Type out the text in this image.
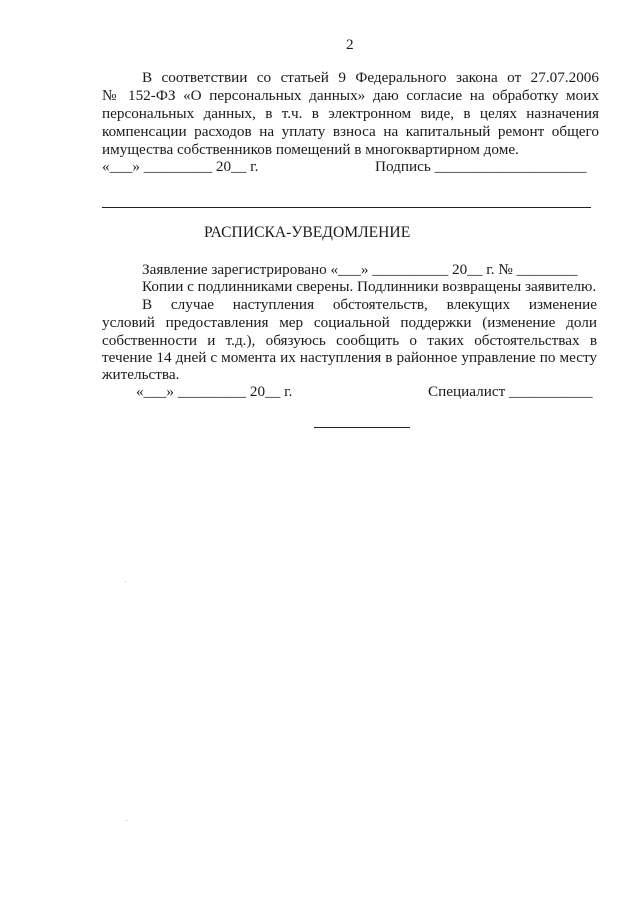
2
В соответствии со статьей 9 Федерального закона от 27.07.2006
№ 152-ФЗ «О персональных данных» даю согласие на обработку моих
персональных данных, в т.ч. в электронном виде, в целях назначения
компенсации расходов на уплату взноса на капитальный ремонт общего
имущества собственников помещений в многоквартирном доме.
«___» _________ 20__ г.	Подпись ____________________
РАСПИСКА-УВЕДОМЛЕНИЕ
Заявление зарегистрировано «___» __________ 20__ г. № ________
Копии с подлинниками сверены. Подлинники возвращены заявителю.
В случае наступления обстоятельств, влекущих изменение
условий предоставления мер социальной поддержки (изменение доли
собственности и т.д.), обязуюсь сообщить о таких обстоятельствах в
течение 14 дней с момента их наступления в районное управление по месту
жительства.
«___» _________ 20__ г.	Специалист ___________
